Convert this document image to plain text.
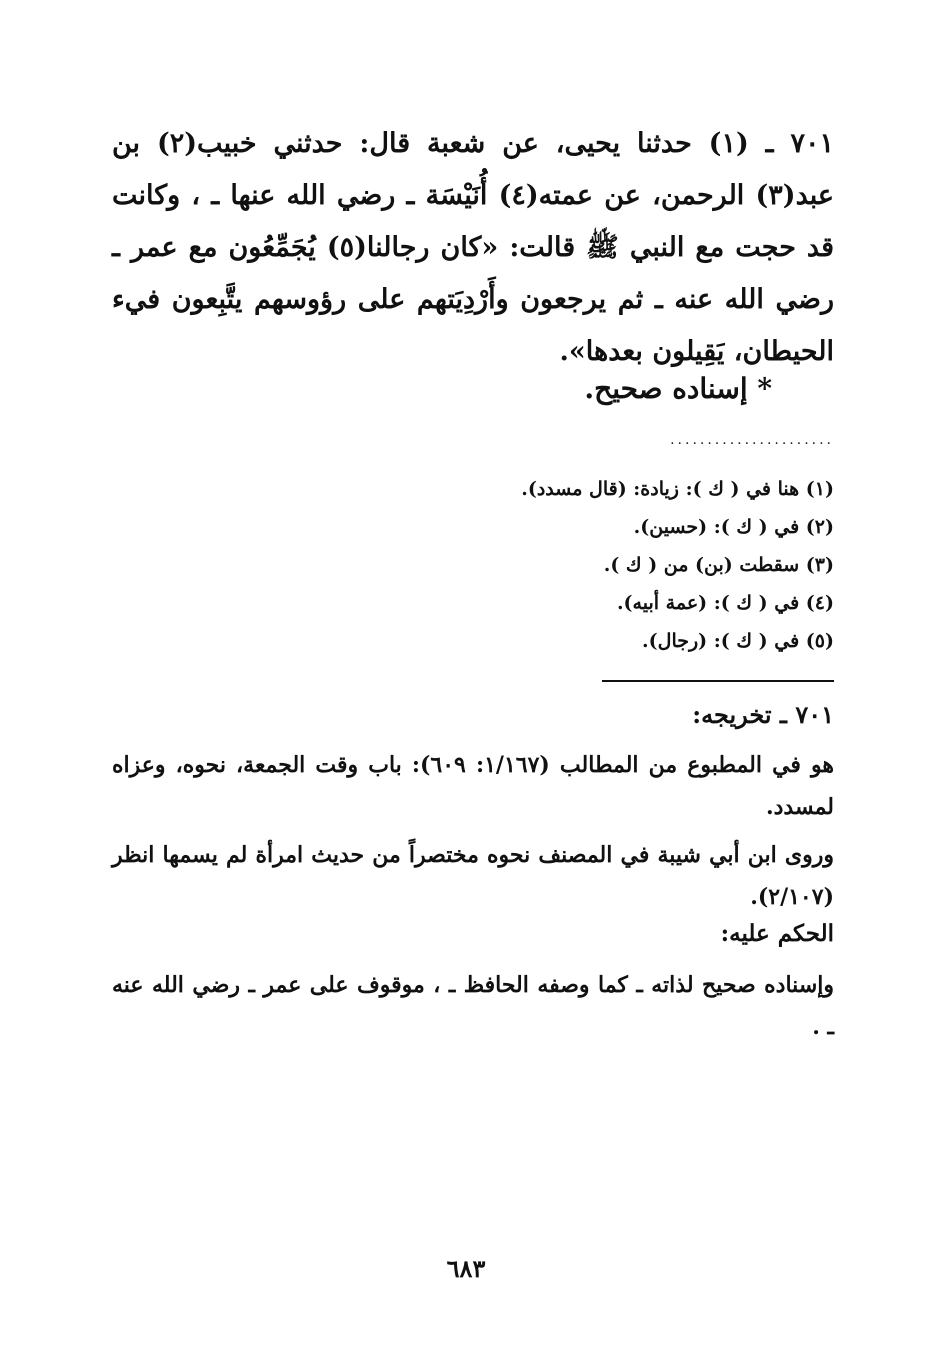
٧٠١ ـ (١) حدثنا يحيى، عن شعبة قال: حدثني خبيب(٢) بن عبد(٣) الرحمن، عن عمته(٤) أُنَيْسَة ـ رضي الله عنها ـ ، وكانت قد حجت مع النبي ﷺ قالت: «كان رجالنا(٥) يُجَمِّعُون مع عمر ـ رضي الله عنه ـ ثم يرجعون وأَرْدِيَتهم على رؤوسهم يتَّبِعون فيء الحيطان، يَقِيلون بعدها».
* إسناده صحيح.
......................
(١) هنا في ( ك ): زيادة: (قال مسدد).
(٢) في ( ك ): (حسين).
(٣) سقطت (بن) من ( ك ).
(٤) في ( ك ): (عمة أبيه).
(٥) في ( ك ): (رجال).
٧٠١ ـ تخريجه:
هو في المطبوع من المطالب (١/١٦٧: ٦٠٩): باب وقت الجمعة، نحوه، وعزاه لمسدد.
وروى ابن أبي شيبة في المصنف نحوه مختصراً من حديث امرأة لم يسمها انظر (٢/١٠٧).
الحكم عليه:
وإسناده صحيح لذاته ـ كما وصفه الحافظ ـ ، موقوف على عمر ـ رضي الله عنه ـ .
٦٨٣
